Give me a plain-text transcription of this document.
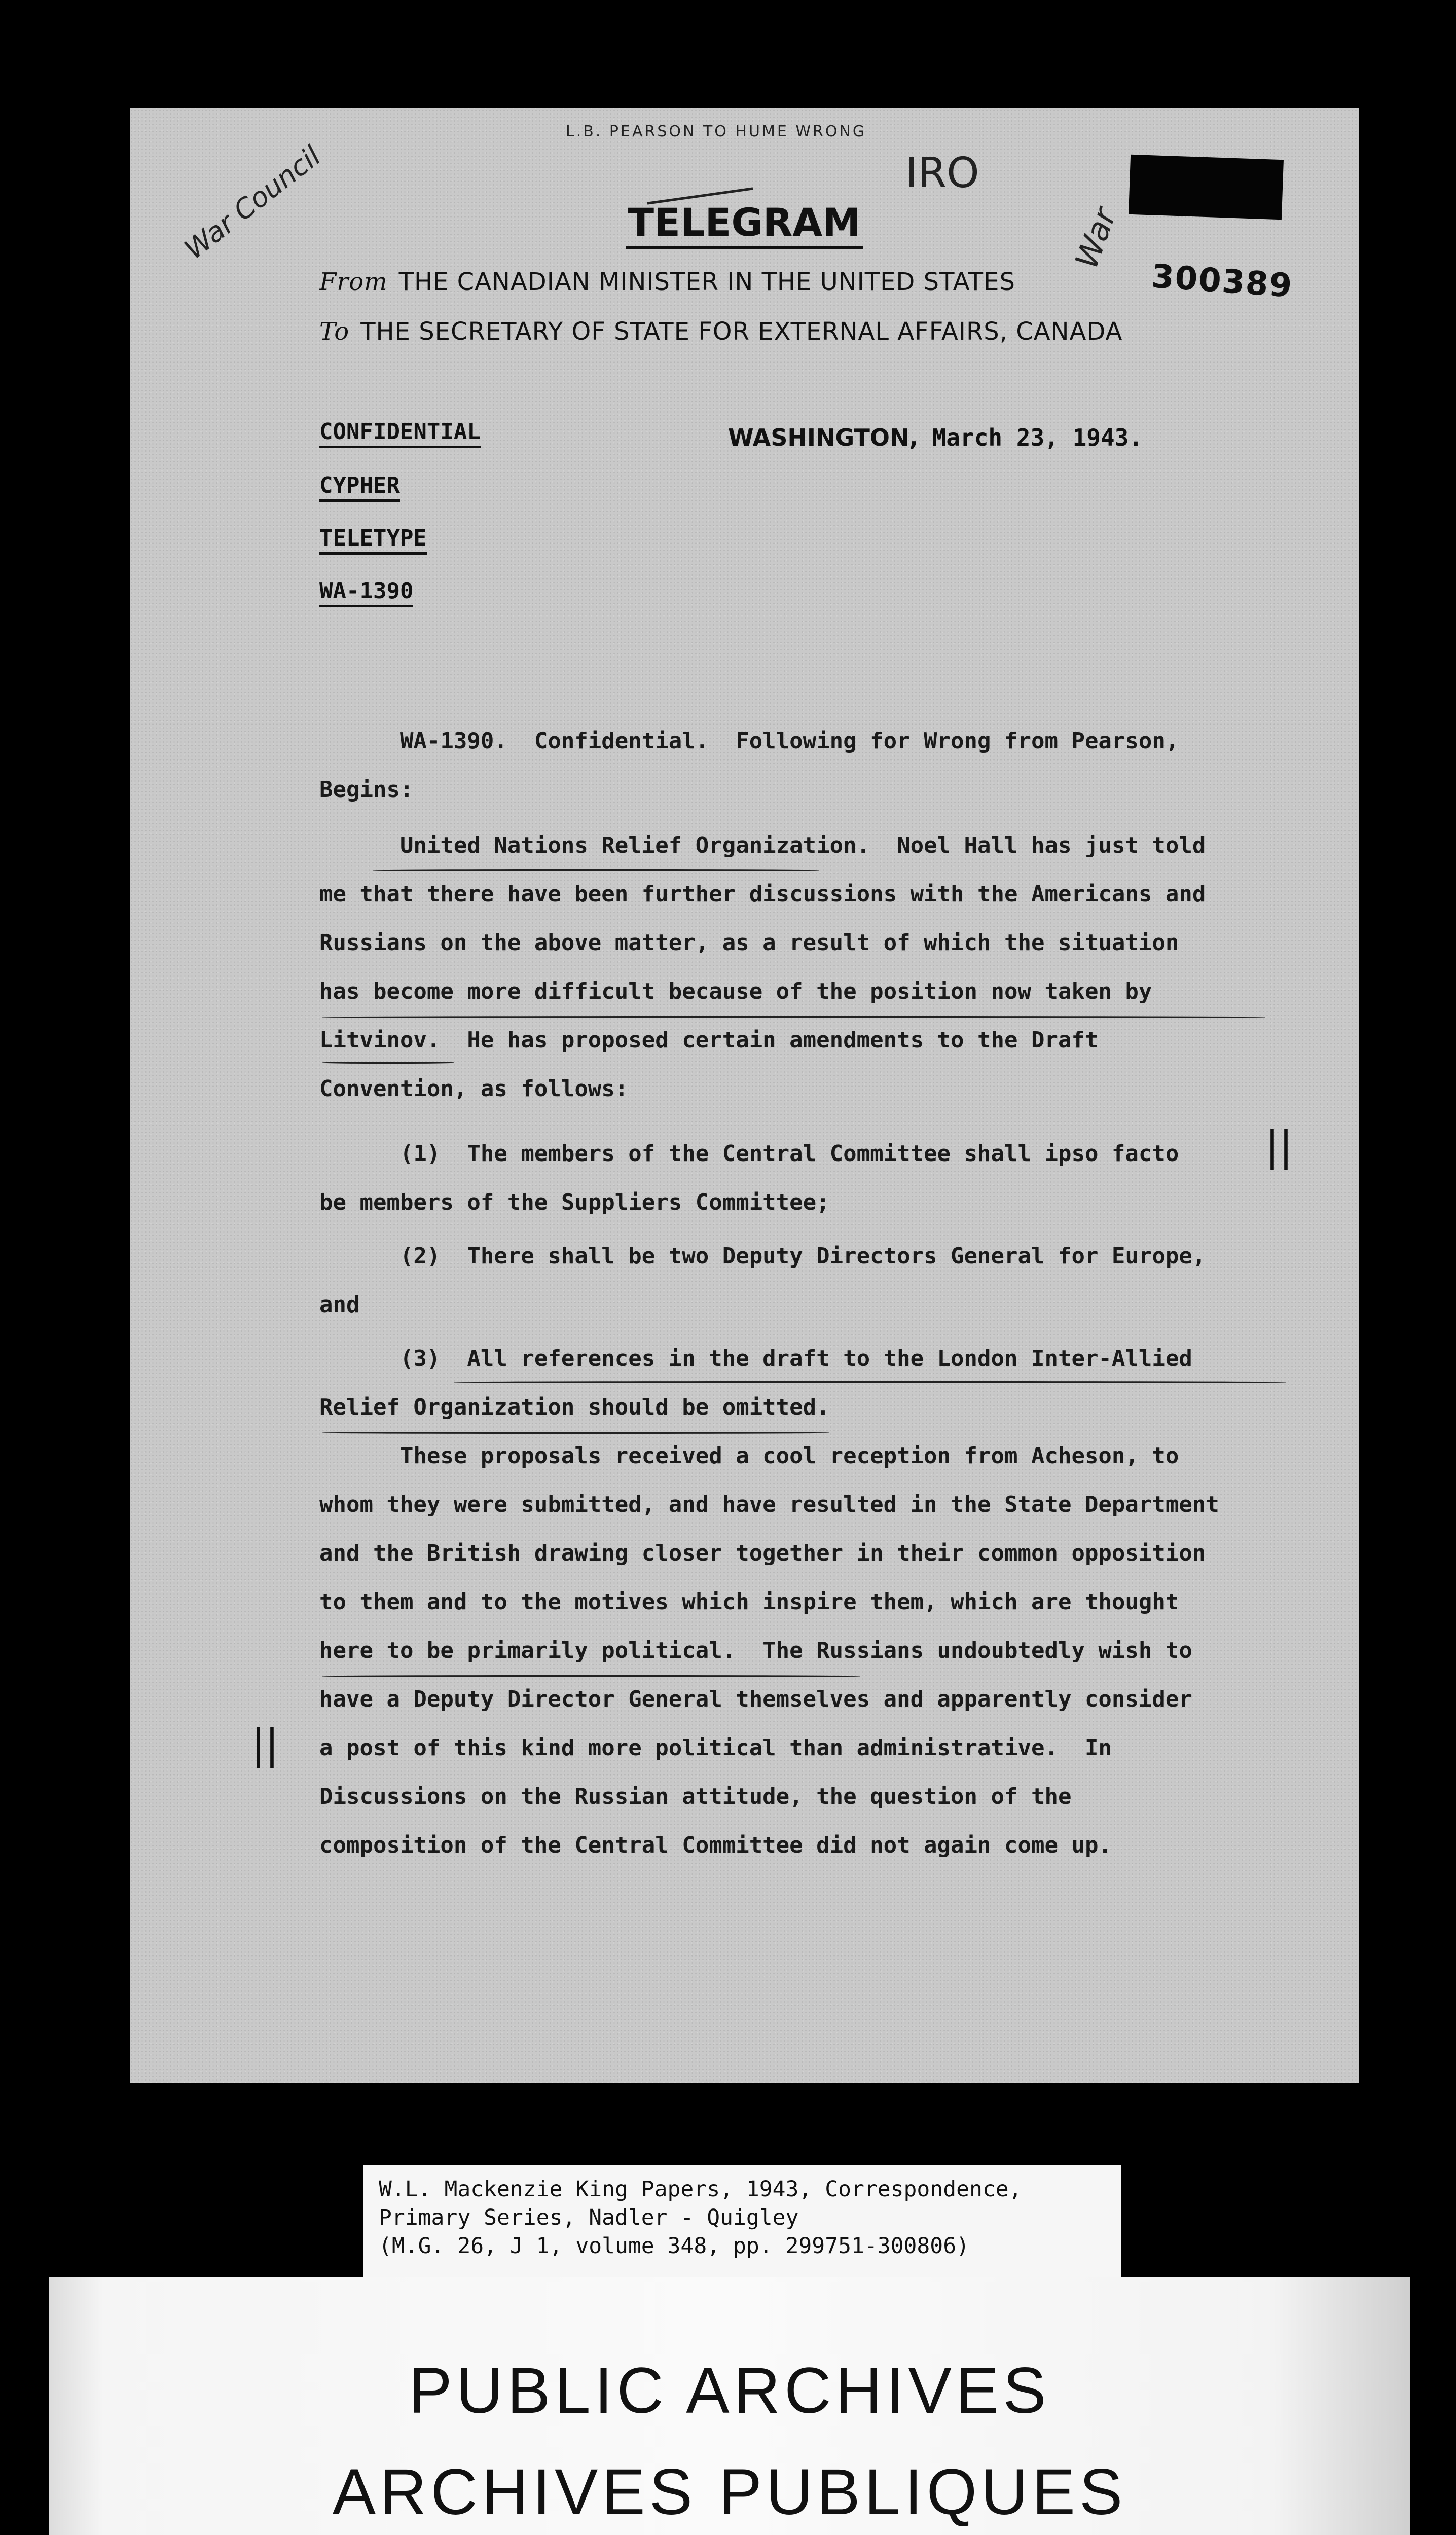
L.B. PEARSON TO HUME WRONG
IRO
War Council	War
300389
TELEGRAM
From THE CANADIAN MINISTER IN THE UNITED STATES
To THE SECRETARY OF STATE FOR EXTERNAL AFFAIRS, CANADA
CONFIDENTIAL
CYPHER
TELETYPE
WA-1390
WASHINGTON, March 23, 1943.
WA-1390.  Confidential.  Following for Wrong from Pearson,
Begins:
United Nations Relief Organization.  Noel Hall has just told
me that there have been further discussions with the Americans and
Russians on the above matter, as a result of which the situation
has become more difficult because of the position now taken by
Litvinov.  He has proposed certain amendments to the Draft
Convention, as follows:
(1)  The members of the Central Committee shall ipso facto
be members of the Suppliers Committee;
(2)  There shall be two Deputy Directors General for Europe,
and
(3)  All references in the draft to the London Inter-Allied
Relief Organization should be omitted.
These proposals received a cool reception from Acheson, to
whom they were submitted, and have resulted in the State Department
and the British drawing closer together in their common opposition
to them and to the motives which inspire them, which are thought
here to be primarily political.  The Russians undoubtedly wish to
have a Deputy Director General themselves and apparently consider
a post of this kind more political than administrative.  In
Discussions on the Russian attitude, the question of the
composition of the Central Committee did not again come up.
||
||
W.L. Mackenzie King Papers, 1943, Correspondence,
Primary Series, Nadler - Quigley
(M.G. 26, J 1, volume 348, pp. 299751-300806)
PUBLIC ARCHIVES
ARCHIVES PUBLIQUES
